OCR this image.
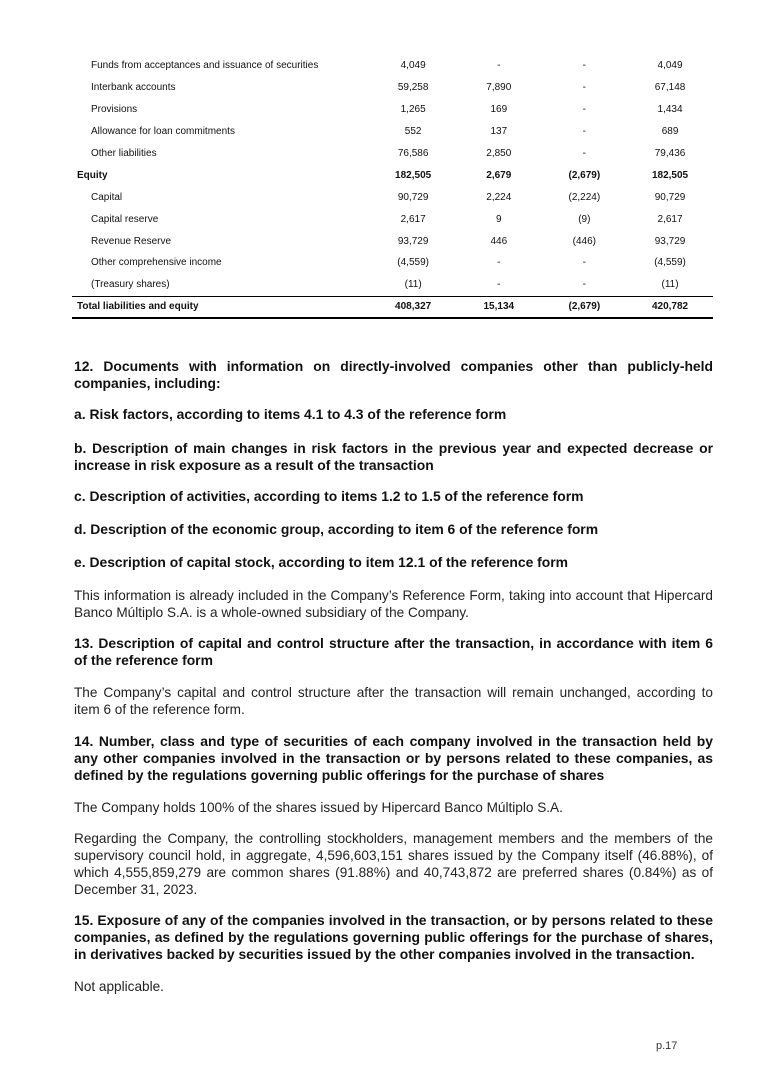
Funds from acceptances and issuance of securities	4,049	-	-	4,049
Interbank accounts	59,258	7,890	-	67,148
Provisions	1,265	169	-	1,434
Allowance for loan commitments	552	137	-	689
Other liabilities	76,586	2,850	-	79,436
Equity	182,505	2,679	(2,679)	182,505
Capital	90,729	2,224	(2,224)	90,729
Capital reserve	2,617	9	(9)	2,617
Revenue Reserve	93,729	446	(446)	93,729
Other comprehensive income	(4,559)	-	-	(4,559)
(Treasury shares)	(11)	-	-	(11)
Total liabilities and equity	408,327	15,134	(2,679)	420,782

12. Documents with information on directly-involved companies other than publicly-held companies, including:

a. Risk factors, according to items 4.1 to 4.3 of the reference form

b. Description of main changes in risk factors in the previous year and expected decrease or increase in risk exposure as a result of the transaction

c. Description of activities, according to items 1.2 to 1.5 of the reference form

d. Description of the economic group, according to item 6 of the reference form

e. Description of capital stock, according to item 12.1 of the reference form

This information is already included in the Company’s Reference Form, taking into account that Hipercard Banco Múltiplo S.A. is a whole-owned subsidiary of the Company.

13. Description of capital and control structure after the transaction, in accordance with item 6 of the reference form

The Company’s capital and control structure after the transaction will remain unchanged, according to item 6 of the reference form.

14. Number, class and type of securities of each company involved in the transaction held by any other companies involved in the transaction or by persons related to these companies, as defined by the regulations governing public offerings for the purchase of shares

The Company holds 100% of the shares issued by Hipercard Banco Múltiplo S.A.

Regarding the Company, the controlling stockholders, management members and the members of the supervisory council hold, in aggregate, 4,596,603,151 shares issued by the Company itself (46.88%), of which 4,555,859,279 are common shares (91.88%) and 40,743,872 are preferred shares (0.84%) as of December 31, 2023.

15. Exposure of any of the companies involved in the transaction, or by persons related to these companies, as defined by the regulations governing public offerings for the purchase of shares, in derivatives backed by securities issued by the other companies involved in the transaction.

Not applicable.

p.17
